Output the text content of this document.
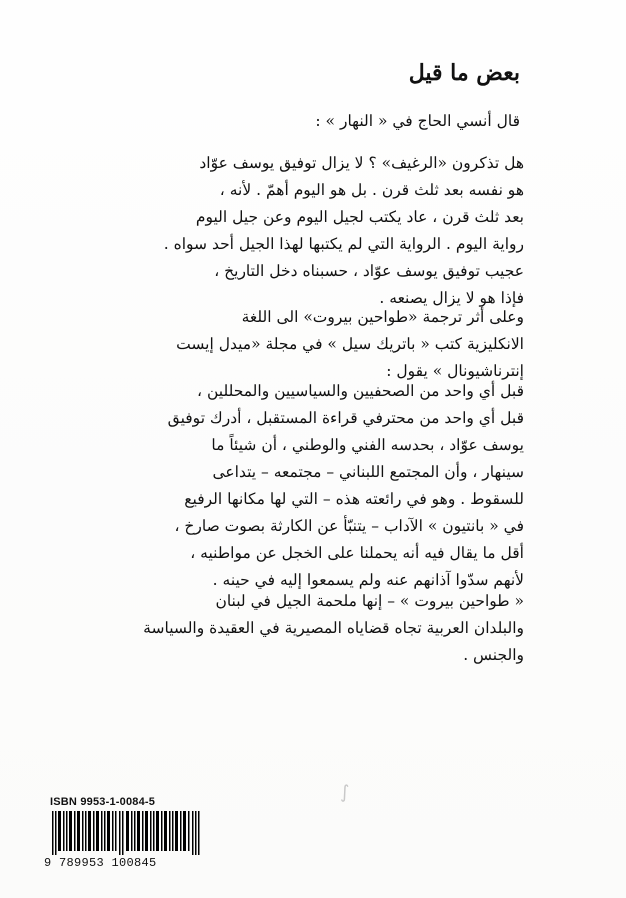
بعض ما قيل
قال أنسي الحاج في « النهار » :
هل تذكرون «الرغيف» ؟ لا يزال توفيق يوسف عوّاد
هو نفسه بعد ثلث قرن . بل هو اليوم أهمّ . لأنه ،
بعد ثلث قرن ، عاد يكتب لجيل اليوم وعن جيل اليوم
رواية اليوم . الرواية التي لم يكتبها لهذا الجيل أحد سواه .
عجيب توفيق يوسف عوّاد ، حسبناه دخل التاريخ ،
فإذا هو لا يزال يصنعه .
وعلى أثر ترجمة «طواحين بيروت» الى اللغة
الانكليزية كتب « باتريك سيل » في مجلة «ميدل إيست
إنترناشيونال » يقول :
قبل أي واحد من الصحفيين والسياسيين والمحللين ،
قبل أي واحد من محترفي قراءة المستقبل ، أدرك توفيق
يوسف عوّاد ، بحدسه الفني والوطني ، أن شيئاً ما
سينهار ، وأن المجتمع اللبناني – مجتمعه – يتداعى
للسقوط . وهو في رائعته هذه – التي لها مكانها الرفيع
في « بانتيون » الآداب – يتنبّأ عن الكارثة بصوت صارخ ،
أقل ما يقال فيه أنه يحملنا على الخجل عن مواطنيه ،
لأنهم سدّوا آذانهم عنه ولم يسمعوا إليه في حينه .
« طواحين بيروت » – إنها ملحمة الجيل في لبنان
والبلدان العربية تجاه قضاياه المصيرية في العقيدة والسياسة
والجنس .
∫
ISBN 9953-1-0084-5
9 789953 100845
